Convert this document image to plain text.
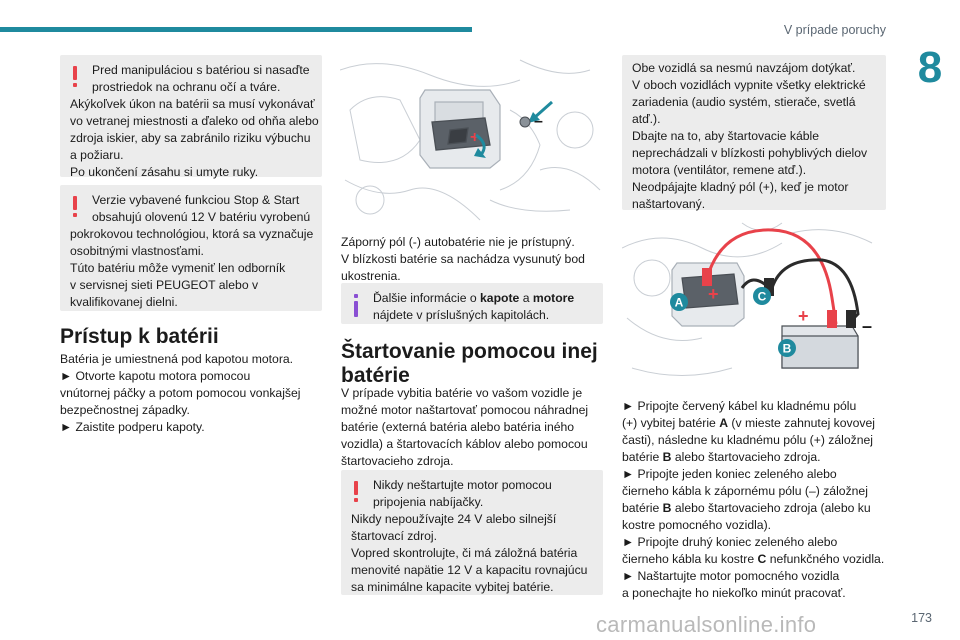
V prípade poruchy
8
Pred manipuláciou s batériou si nasaďte
prostriedok na ochranu očí a tváre.
Akýkoľvek úkon na batérii sa musí vykonávať
vo vetranej miestnosti a ďaleko od ohňa alebo
zdroja iskier, aby sa zabránilo riziku výbuchu
a požiaru.
Po ukončení zásahu si umyte ruky.
Verzie vybavené funkciou Stop & Start
obsahujú olovenú 12 V batériu vyrobenú
pokrokovou technológiou, ktorá sa vyznačuje
osobitnými vlastnosťami.
Túto batériu môže vymeniť len odborník
v servisnej sieti PEUGEOT alebo v
kvalifikovanej dielni.
Prístup k batérii
Batéria je umiestnená pod kapotou motora.
► Otvorte kapotu motora pomocou
vnútornej páčky a potom pomocou vonkajšej
bezpečnostnej západky.
► Zaistite podperu kapoty.
+
–
Záporný pól (-) autobatérie nie je prístupný.
V blízkosti batérie sa nachádza vysunutý bod
ukostrenia.
Ďalšie informácie o kapote a motore
nájdete v príslušných kapitolách.
Štartovanie pomocou inej
batérie
V prípade vybitia batérie vo vašom vozidle je
možné motor naštartovať pomocou náhradnej
batérie (externá batéria alebo batéria iného
vozidla) a štartovacích káblov alebo pomocou
štartovacieho zdroja.
Nikdy neštartujte motor pomocou
pripojenia nabíjačky.
Nikdy nepoužívajte 24 V alebo silnejší
štartovací zdroj.
Vopred skontrolujte, či má záložná batéria
menovité napätie 12 V a kapacitu rovnajúcu
sa minimálne kapacite vybitej batérie.
Obe vozidlá sa nesmú navzájom dotýkať.
V oboch vozidlách vypnite všetky elektrické
zariadenia (audio systém, stierače, svetlá
atď.).
Dbajte na to, aby štartovacie káble
neprechádzali v blízkosti pohyblivých dielov
motora (ventilátor, remene atď.).
Neodpájajte kladný pól (+), keď je motor
naštartovaný.
+
+	–
A	C
B
► Pripojte červený kábel ku kladnému pólu
(+) vybitej batérie A (v mieste zahnutej kovovej
časti), následne ku kladnému pólu (+) záložnej
batérie B alebo štartovacieho zdroja.
► Pripojte jeden koniec zeleného alebo
čierneho kábla k zápornému pólu (–) záložnej
batérie B alebo štartovacieho zdroja (alebo ku
kostre pomocného vozidla).
► Pripojte druhý koniec zeleného alebo
čierneho kábla ku kostre C nefunkčného vozidla.
► Naštartujte motor pomocného vozidla
a ponechajte ho niekoľko minút pracovať.
carmanualsonline.info	173
